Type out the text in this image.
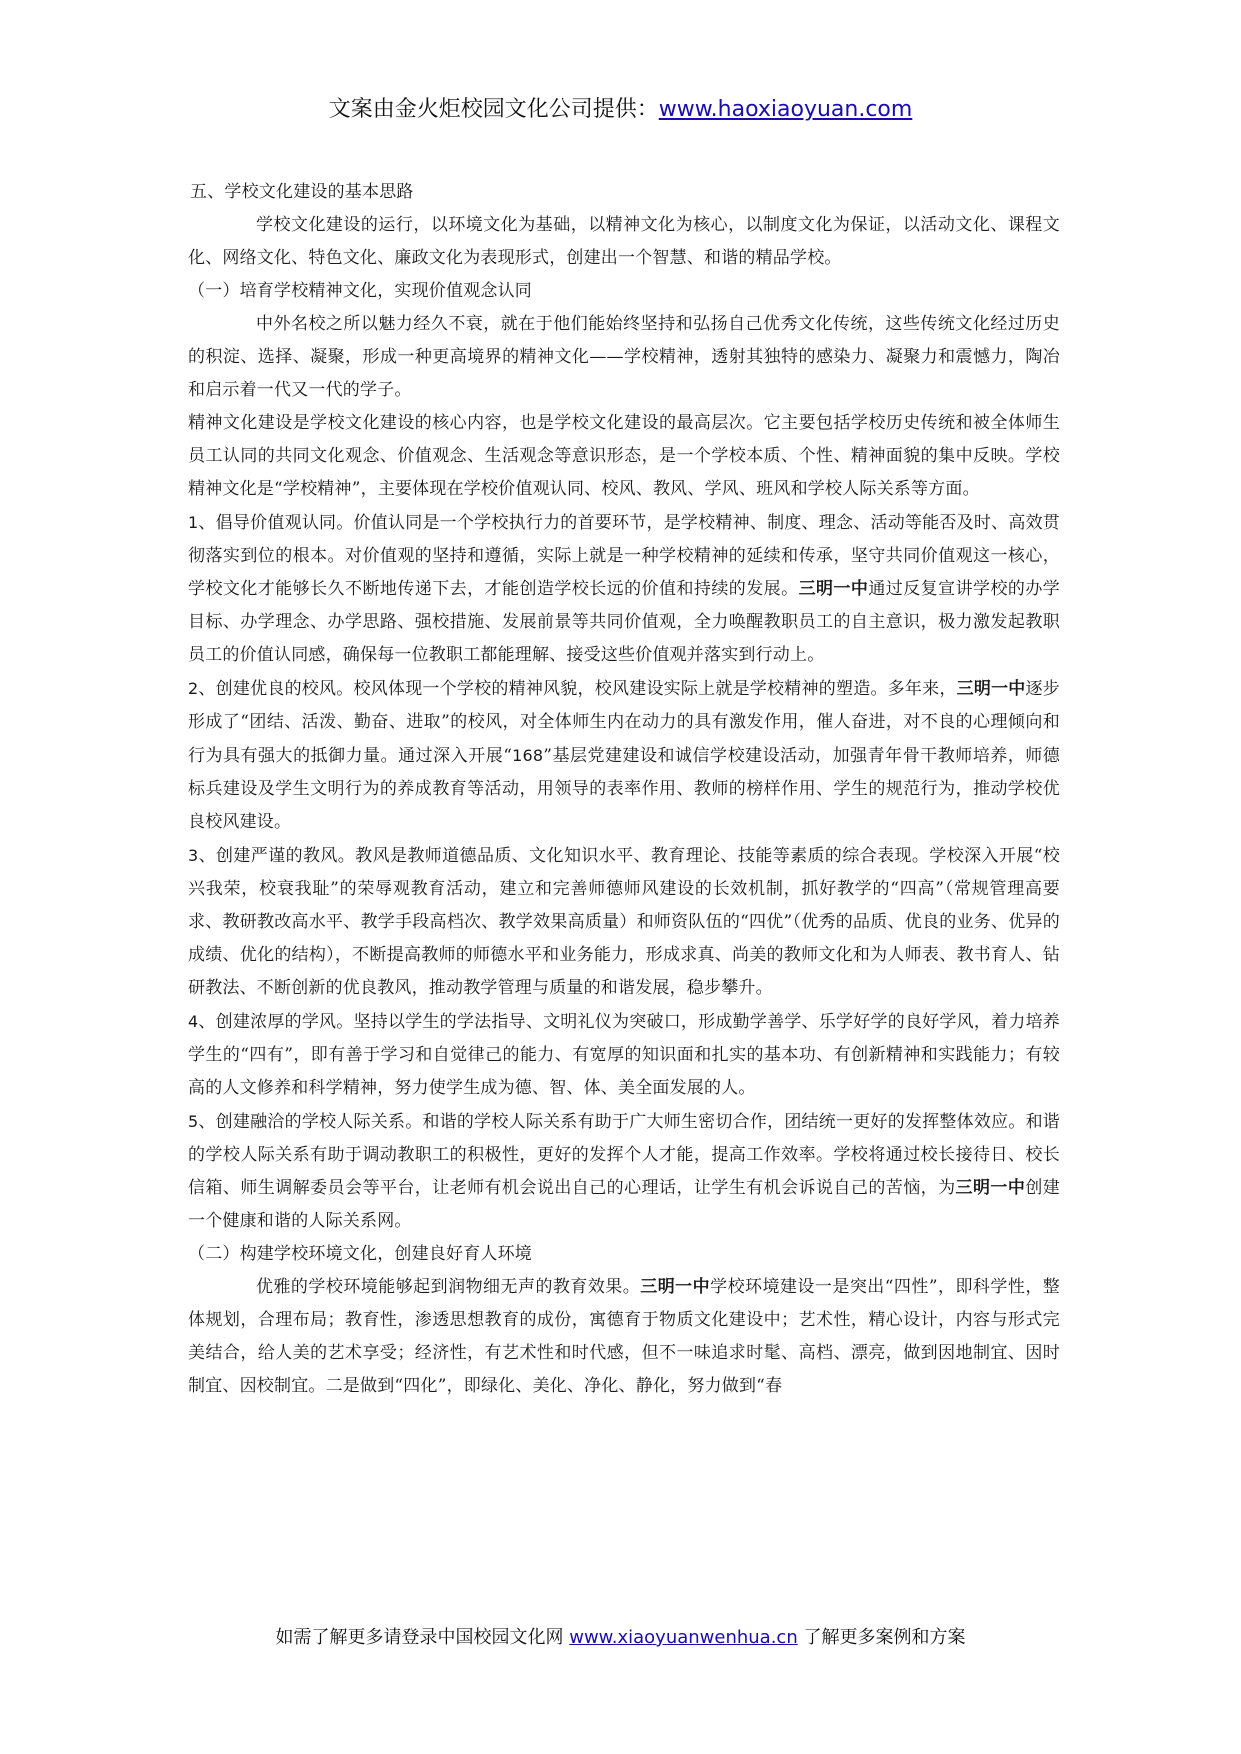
文案由金火炬校园文化公司提供：www.haoxiaoyuan.com

五、学校文化建设的基本思路

学校文化建设的运行，以环境文化为基础，以精神文化为核心，以制度文化为保证，以活动文化、课程文化、网络文化、特色文化、廉政文化为表现形式，创建出一个智慧、和谐的精品学校。

（一）培育学校精神文化，实现价值观念认同

中外名校之所以魅力经久不衰，就在于他们能始终坚持和弘扬自己优秀文化传统，这些传统文化经过历史的积淀、选择、凝聚，形成一种更高境界的精神文化——学校精神，透射其独特的感染力、凝聚力和震憾力，陶冶和启示着一代又一代的学子。

精神文化建设是学校文化建设的核心内容，也是学校文化建设的最高层次。它主要包括学校历史传统和被全体师生员工认同的共同文化观念、价值观念、生活观念等意识形态，是一个学校本质、个性、精神面貌的集中反映。学校精神文化是“学校精神”，主要体现在学校价值观认同、校风、教风、学风、班风和学校人际关系等方面。

1、倡导价值观认同。价值认同是一个学校执行力的首要环节，是学校精神、制度、理念、活动等能否及时、高效贯彻落实到位的根本。对价值观的坚持和遵循，实际上就是一种学校精神的延续和传承，坚守共同价值观这一核心，学校文化才能够长久不断地传递下去，才能创造学校长远的价值和持续的发展。三明一中通过反复宣讲学校的办学目标、办学理念、办学思路、强校措施、发展前景等共同价值观，全力唤醒教职员工的自主意识，极力激发起教职员工的价值认同感，确保每一位教职工都能理解、接受这些价值观并落实到行动上。

2、创建优良的校风。校风体现一个学校的精神风貌，校风建设实际上就是学校精神的塑造。多年来，三明一中逐步形成了“团结、活泼、勤奋、进取”的校风，对全体师生内在动力的具有激发作用，催人奋进，对不良的心理倾向和行为具有强大的抵御力量。通过深入开展“168”基层党建建设和诚信学校建设活动，加强青年骨干教师培养，师德标兵建设及学生文明行为的养成教育等活动，用领导的表率作用、教师的榜样作用、学生的规范行为，推动学校优良校风建设。

3、创建严谨的教风。教风是教师道德品质、文化知识水平、教育理论、技能等素质的综合表现。学校深入开展“校兴我荣，校衰我耻”的荣辱观教育活动，建立和完善师德师风建设的长效机制，抓好教学的“四高”（常规管理高要求、教研教改高水平、教学手段高档次、教学效果高质量）和师资队伍的“四优”（优秀的品质、优良的业务、优异的成绩、优化的结构），不断提高教师的师德水平和业务能力，形成求真、尚美的教师文化和为人师表、教书育人、钻研教法、不断创新的优良教风，推动教学管理与质量的和谐发展，稳步攀升。

4、创建浓厚的学风。坚持以学生的学法指导、文明礼仪为突破口，形成勤学善学、乐学好学的良好学风，着力培养学生的“四有”，即有善于学习和自觉律己的能力、有宽厚的知识面和扎实的基本功、有创新精神和实践能力；有较高的人文修养和科学精神，努力使学生成为德、智、体、美全面发展的人。

5、创建融洽的学校人际关系。和谐的学校人际关系有助于广大师生密切合作，团结统一更好的发挥整体效应。和谐的学校人际关系有助于调动教职工的积极性，更好的发挥个人才能，提高工作效率。学校将通过校长接待日、校长信箱、师生调解委员会等平台，让老师有机会说出自己的心理话，让学生有机会诉说自己的苦恼，为三明一中创建一个健康和谐的人际关系网。

（二）构建学校环境文化，创建良好育人环境

优雅的学校环境能够起到润物细无声的教育效果。三明一中学校环境建设一是突出“四性”，即科学性，整体规划，合理布局；教育性，渗透思想教育的成份，寓德育于物质文化建设中；艺术性，精心设计，内容与形式完美结合，给人美的艺术享受；经济性，有艺术性和时代感，但不一味追求时髦、高档、漂亮，做到因地制宜、因时制宜、因校制宜。二是做到“四化”，即绿化、美化、净化、静化，努力做到“春

如需了解更多请登录中国校园文化网 www.xiaoyuanwenhua.cn 了解更多案例和方案
